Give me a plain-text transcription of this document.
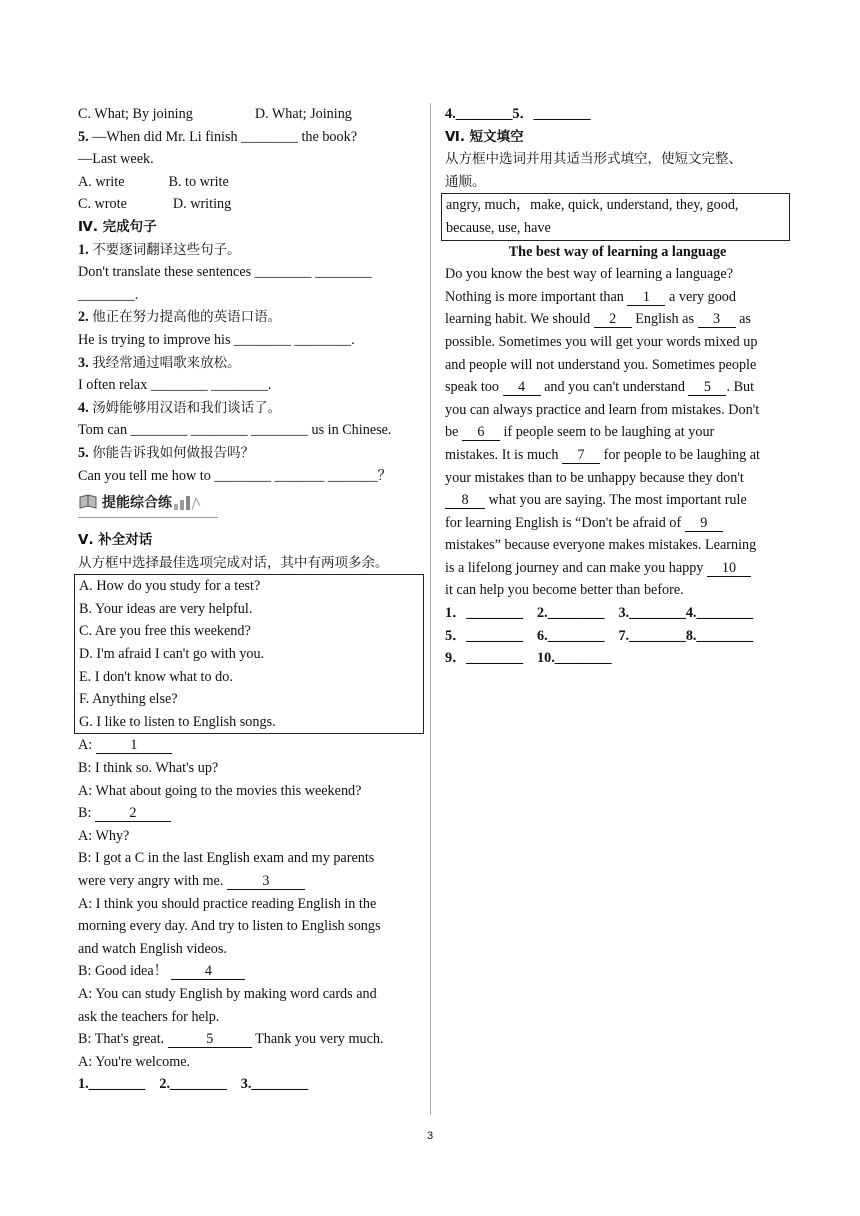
C. What; By joining	D. What; Joining
5. —When did Mr. Li finish ________ the book?
—Last week.
A. write	B. to write
C. wrote	D. writing
Ⅳ. 完成句子
1. 不要逐词翻译这些句子。
Don't translate these sentences ________ ________
________.
2. 他正在努力提高他的英语口语。
He is trying to improve his ________ ________.
3. 我经常通过唱歌来放松。
I often relax ________ ________.
4. 汤姆能够用汉语和我们谈话了。
Tom can ________ ________ ________ us in Chinese.
5. 你能告诉我如何做报告吗？
Can you tell me how to ________ _______ _______？
提能综合练
Ⅴ. 补全对话
从方框中选择最佳选项完成对话，其中有两项多余。
A. How do you study for a test?
B. Your ideas are very helpful.
C. Are you free this weekend?
D. I'm afraid I can't go with you.
E. I don't know what to do.
F. Anything else?
G. I like to listen to English songs.
A: 1
B: I think so. What's up?
A: What about going to the movies this weekend?
B: 2
A: Why?
B: I got a C in the last English exam and my parents
were very angry with me. 3
A: I think you should practice reading English in the
morning every day. And try to listen to English songs
and watch English videos.
B: Good idea！ 4
A: You can study English by making word cards and
ask the teachers for help.
B: That's great.	5	Thank you very much.
A: You're welcome.
1.________ 2.________ 3.________
4.________5．________
Ⅵ. 短文填空
从方框中选词并用其适当形式填空，使短文完整、
通顺。
angry, much，make, quick, understand, they, good,
because, use, have
The best way of learning a language
Do you know the best way of learning a language?
Nothing is more important than 1 a very good
learning habit. We should 2 English as 3 as
possible. Sometimes you will get your words mixed up
and people will not understand you. Sometimes people
speak too 4 and you can't understand 5 . But
you can always practice and learn from mistakes. Don't
be 6 if people seem to be laughing at your
mistakes. It is much 7 for people to be laughing at
your mistakes than to be unhappy because they don't
8 what you are saying. The most important rule
for learning English is “Don't be afraid of 9
mistakes” because everyone makes mistakes. Learning
is a lifelong journey and can make you happy 10
it can help you become better than before.
1．________ 2.________ 3.________4.________
5．________ 6.________ 7.________8.________
9．________ 10.________
3
